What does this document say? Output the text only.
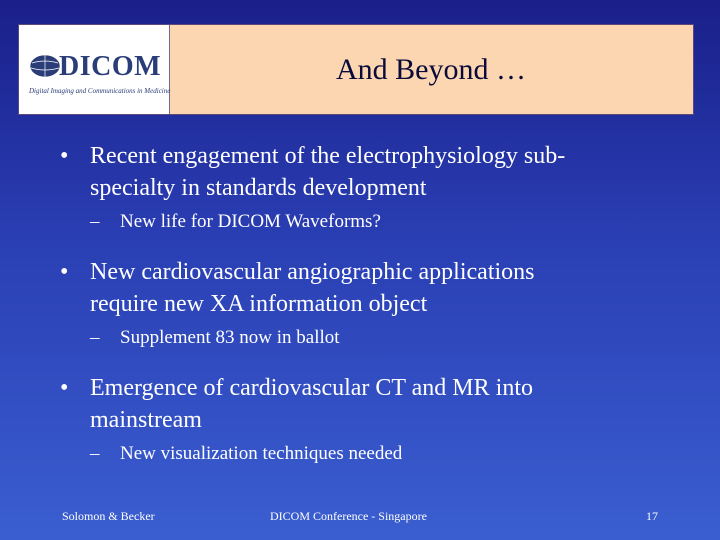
DICOM
Digital Imaging and Communications in Medicine
And Beyond …
• Recent engagement of the electrophysiology sub-
specialty in standards development
– New life for DICOM Waveforms?
• New cardiovascular angiographic applications
require new XA information object
– Supplement 83 now in ballot
• Emergence of cardiovascular CT and MR into
mainstream
– New visualization techniques needed
Solomon & Becker	DICOM Conference - Singapore	17
